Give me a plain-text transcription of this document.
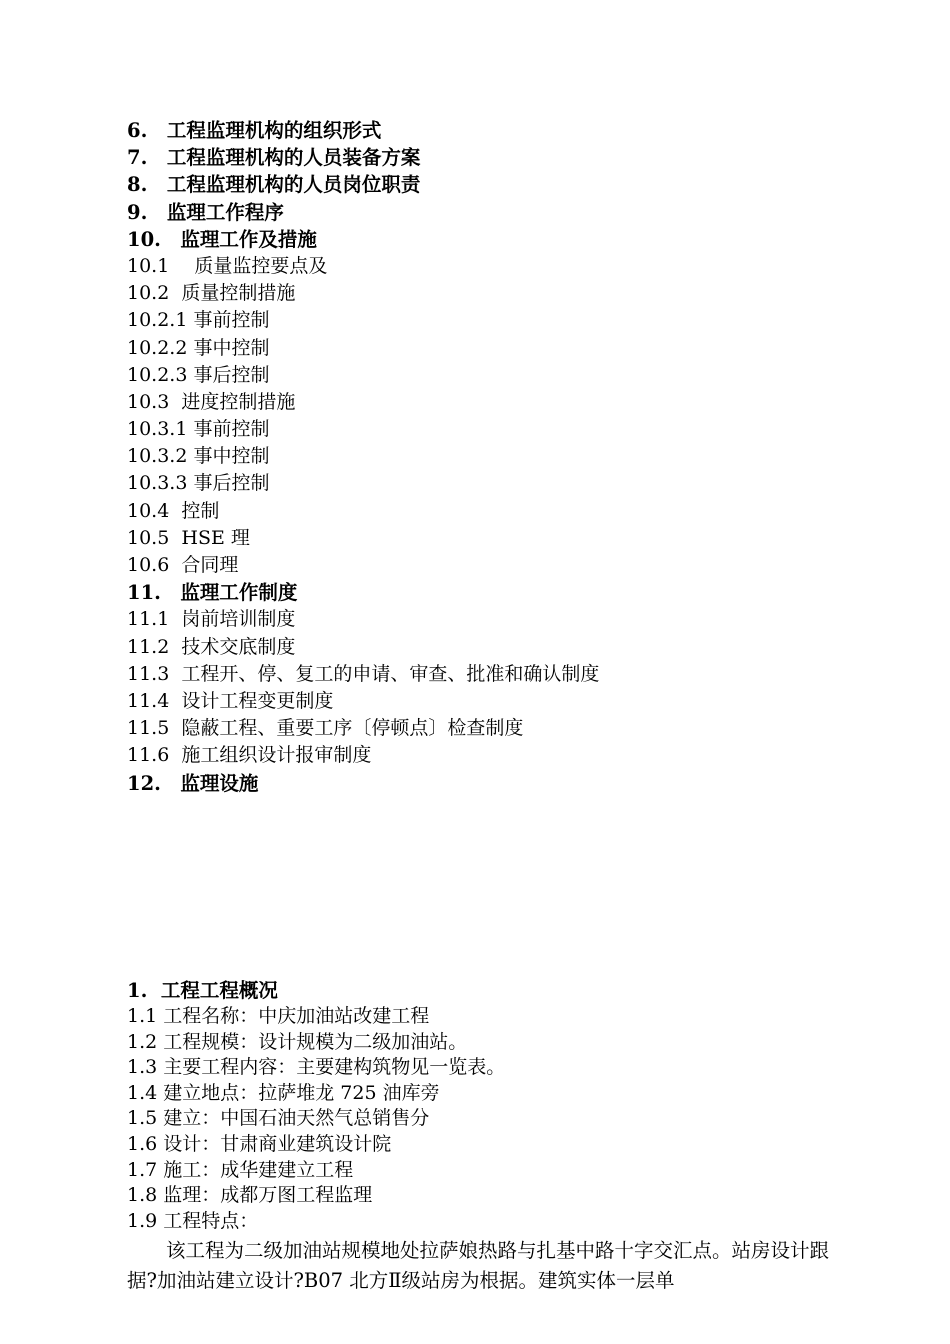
6.　工程监理机构的组织形式
7.　工程监理机构的人员装备方案
8.　工程监理机构的人员岗位职责
9.　监理工作程序
10.　监理工作及措施
10.1　 质量监控要点及
10.2  质量控制措施
10.2.1 事前控制
10.2.2 事中控制
10.2.3 事后控制
10.3  进度控制措施
10.3.1 事前控制
10.3.2 事中控制
10.3.3 事后控制
10.4  控制
10.5  HSE 理
10.6  合同理
11.　监理工作制度
11.1  岗前培训制度
11.2  技术交底制度
11.3  工程开、停、复工的申请、审查、批准和确认制度
11.4  设计工程变更制度
11.5  隐蔽工程、重要工序〔停顿点〕检查制度
11.6  施工组织设计报审制度
12.　监理设施
1.  工程工程概况
1.1 工程名称：中庆加油站改建工程
1.2 工程规模：设计规模为二级加油站。
1.3 主要工程内容：主要建构筑物见一览表。
1.4 建立地点：拉萨堆龙 725 油库旁
1.5 建立：中国石油天然气总销售分
1.6 设计：甘肃商业建筑设计院
1.7 施工：成华建建立工程
1.8 监理：成都万图工程监理
1.9 工程特点：
该工程为二级加油站规模地处拉萨娘热路与扎基中路十字交汇点。站房设计跟据?加油站建立设计?B07 北方Ⅱ级站房为根据。建筑实体一层单
